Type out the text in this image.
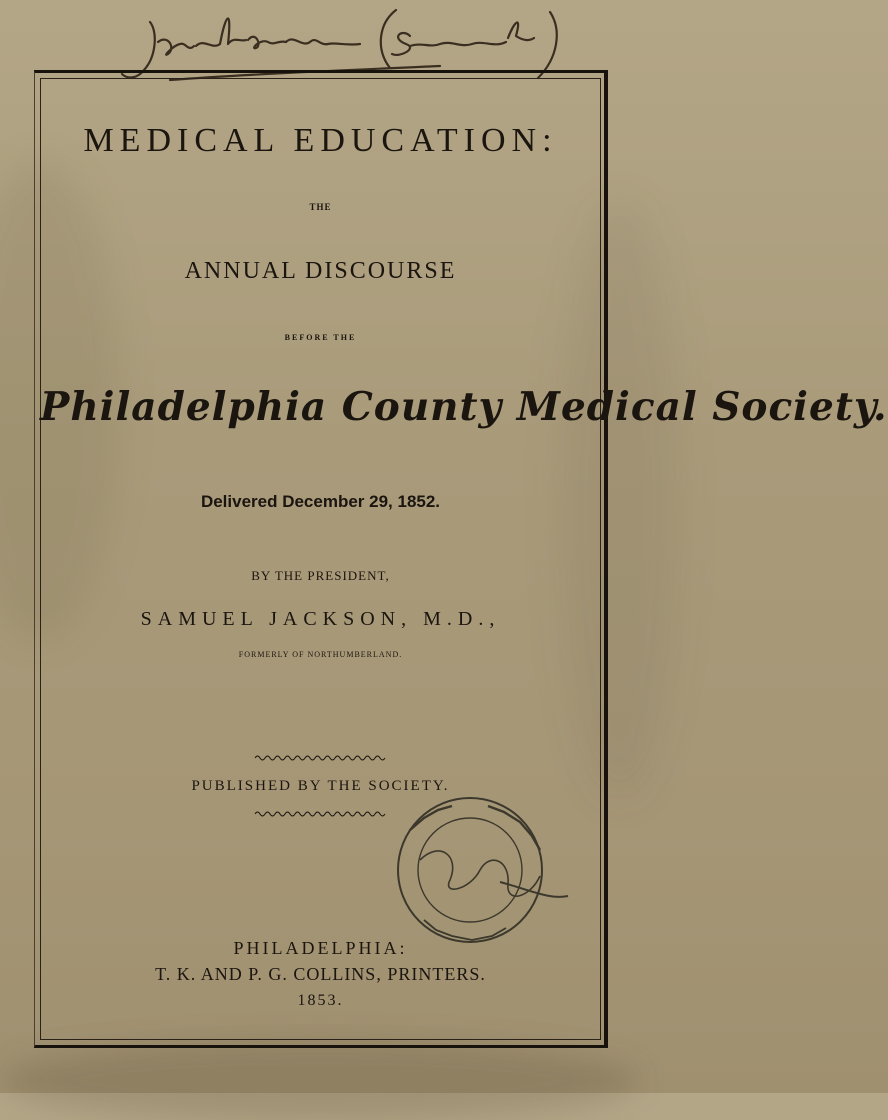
MEDICAL EDUCATION:

THE

ANNUAL DISCOURSE

BEFORE THE

Philadelphia County Medical Society.

Delivered December 29, 1852.

BY THE PRESIDENT,

SAMUEL JACKSON, M.D.,

FORMERLY OF NORTHUMBERLAND.

PUBLISHED BY THE SOCIETY.

PHILADELPHIA:

T. K. AND P. G. COLLINS, PRINTERS.

1853.
